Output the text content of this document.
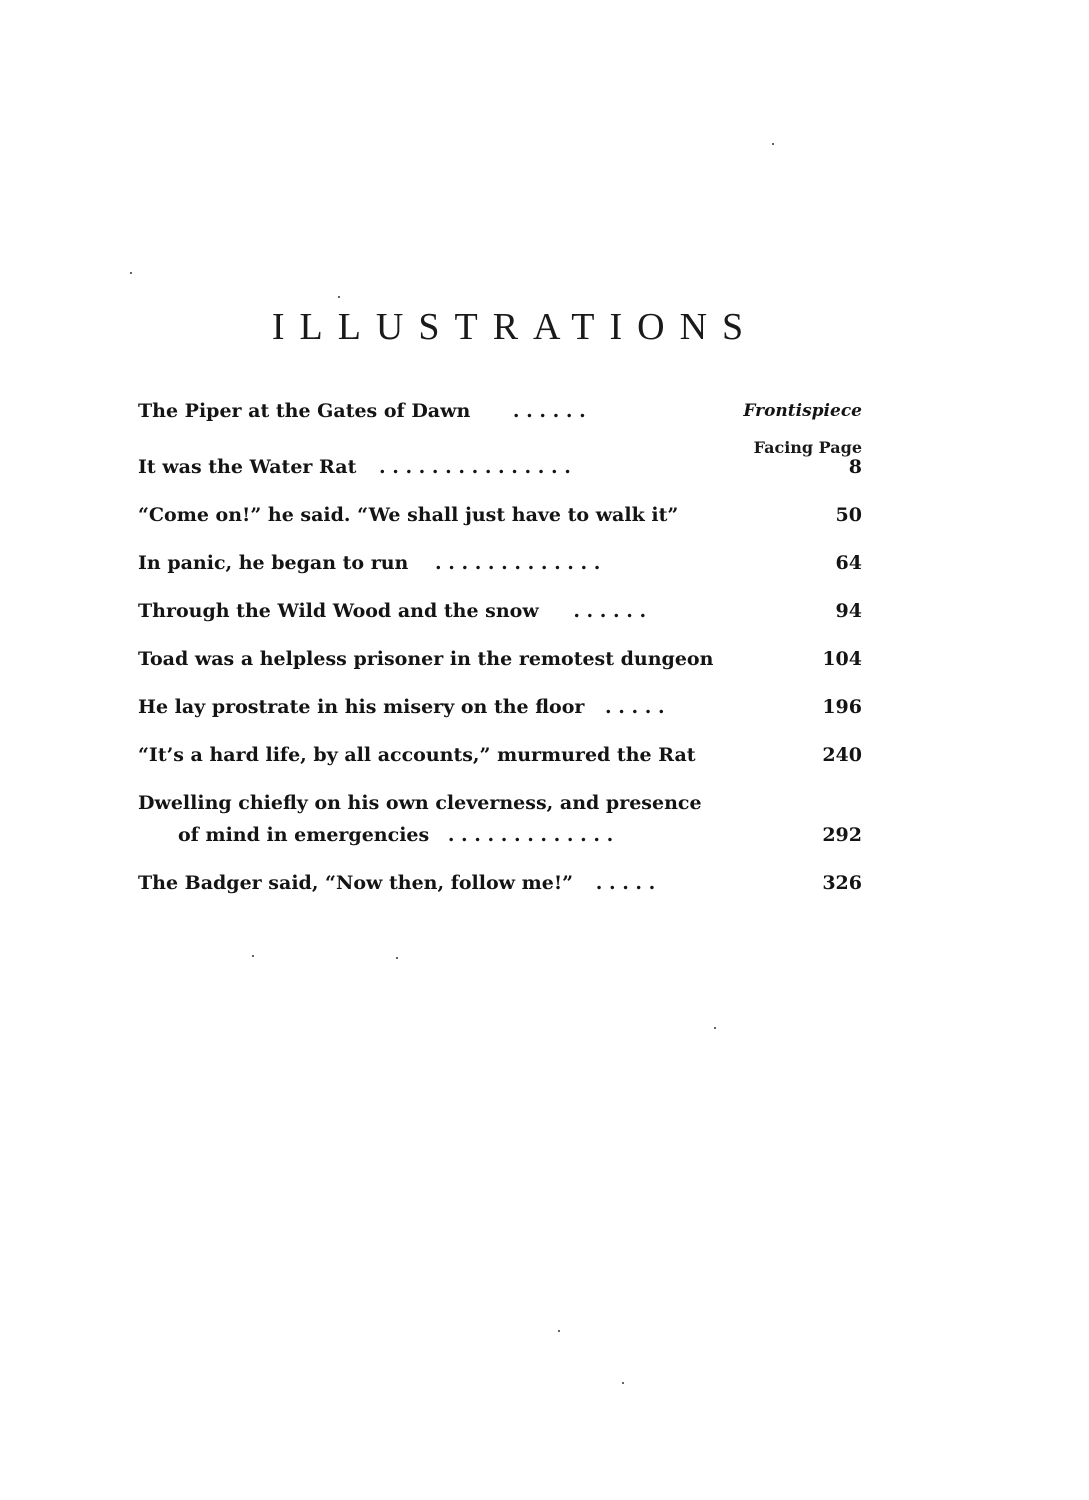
ILLUSTRATIONS
The Piper at the Gates of Dawn . . . . . .	Frontispiece
Facing Page
It was the Water Rat . . . . . . . . . . . . . . .	8
“Come on!” he said. “We shall just have to walk it”	50
In panic, he began to run . . . . . . . . . . . . .	64
Through the Wild Wood and the snow . . . . . .	94
Toad was a helpless prisoner in the remotest dungeon	104
He lay prostrate in his misery on the floor . . . . .	196
“It’s a hard life, by all accounts,” murmured the Rat	240
Dwelling chiefly on his own cleverness, and presence
of mind in emergencies . . . . . . . . . . . . .	292
The Badger said, “Now then, follow me!” . . . . .	326
